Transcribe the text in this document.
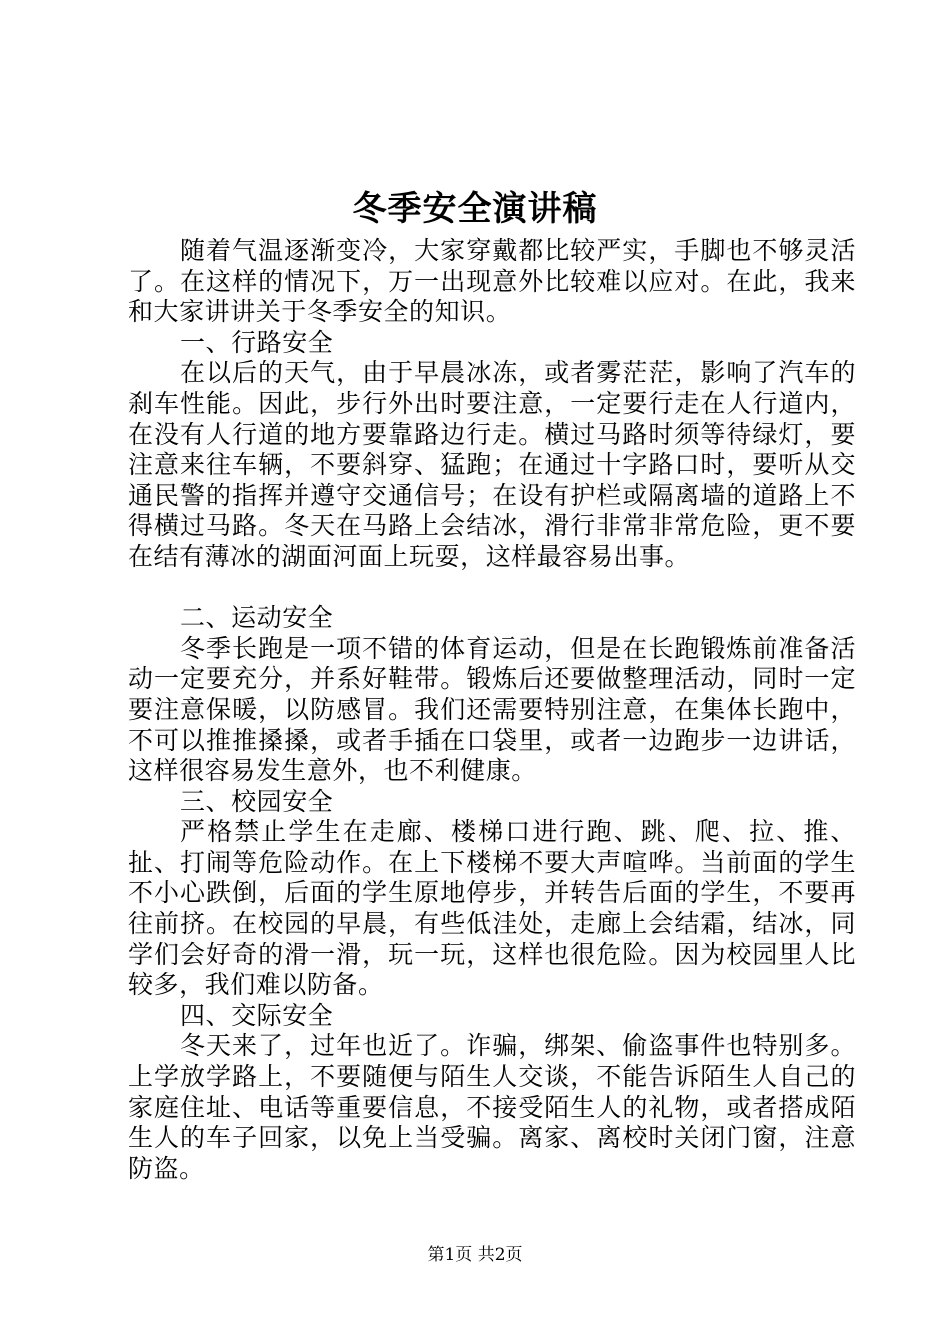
冬季安全演讲稿

随着气温逐渐变冷，大家穿戴都比较严实，手脚也不够灵活了。在这样的情况下，万一出现意外比较难以应对。在此，我来和大家讲讲关于冬季安全的知识。

一、行路安全

在以后的天气，由于早晨冰冻，或者雾茫茫，影响了汽车的刹车性能。因此，步行外出时要注意，一定要行走在人行道内，在没有人行道的地方要靠路边行走。横过马路时须等待绿灯，要注意来往车辆，不要斜穿、猛跑；在通过十字路口时，要听从交通民警的指挥并遵守交通信号；在设有护栏或隔离墙的道路上不得横过马路。冬天在马路上会结冰，滑行非常非常危险，更不要在结有薄冰的湖面河面上玩耍，这样最容易出事。

二、运动安全

冬季长跑是一项不错的体育运动，但是在长跑锻炼前准备活动一定要充分，并系好鞋带。锻炼后还要做整理活动，同时一定要注意保暖，以防感冒。我们还需要特别注意，在集体长跑中，不可以推推搡搡，或者手插在口袋里，或者一边跑步一边讲话，这样很容易发生意外，也不利健康。

三、校园安全

严格禁止学生在走廊、楼梯口进行跑、跳、爬、拉、推、扯、打闹等危险动作。在上下楼梯不要大声喧哗。当前面的学生不小心跌倒，后面的学生原地停步，并转告后面的学生，不要再往前挤。在校园的早晨，有些低洼处，走廊上会结霜，结冰，同学们会好奇的滑一滑，玩一玩，这样也很危险。因为校园里人比较多，我们难以防备。

四、交际安全

冬天来了，过年也近了。诈骗，绑架、偷盗事件也特别多。上学放学路上，不要随便与陌生人交谈，不能告诉陌生人自己的家庭住址、电话等重要信息，不接受陌生人的礼物，或者搭成陌生人的车子回家，以免上当受骗。离家、离校时关闭门窗，注意防盗。

第1页 共2页
